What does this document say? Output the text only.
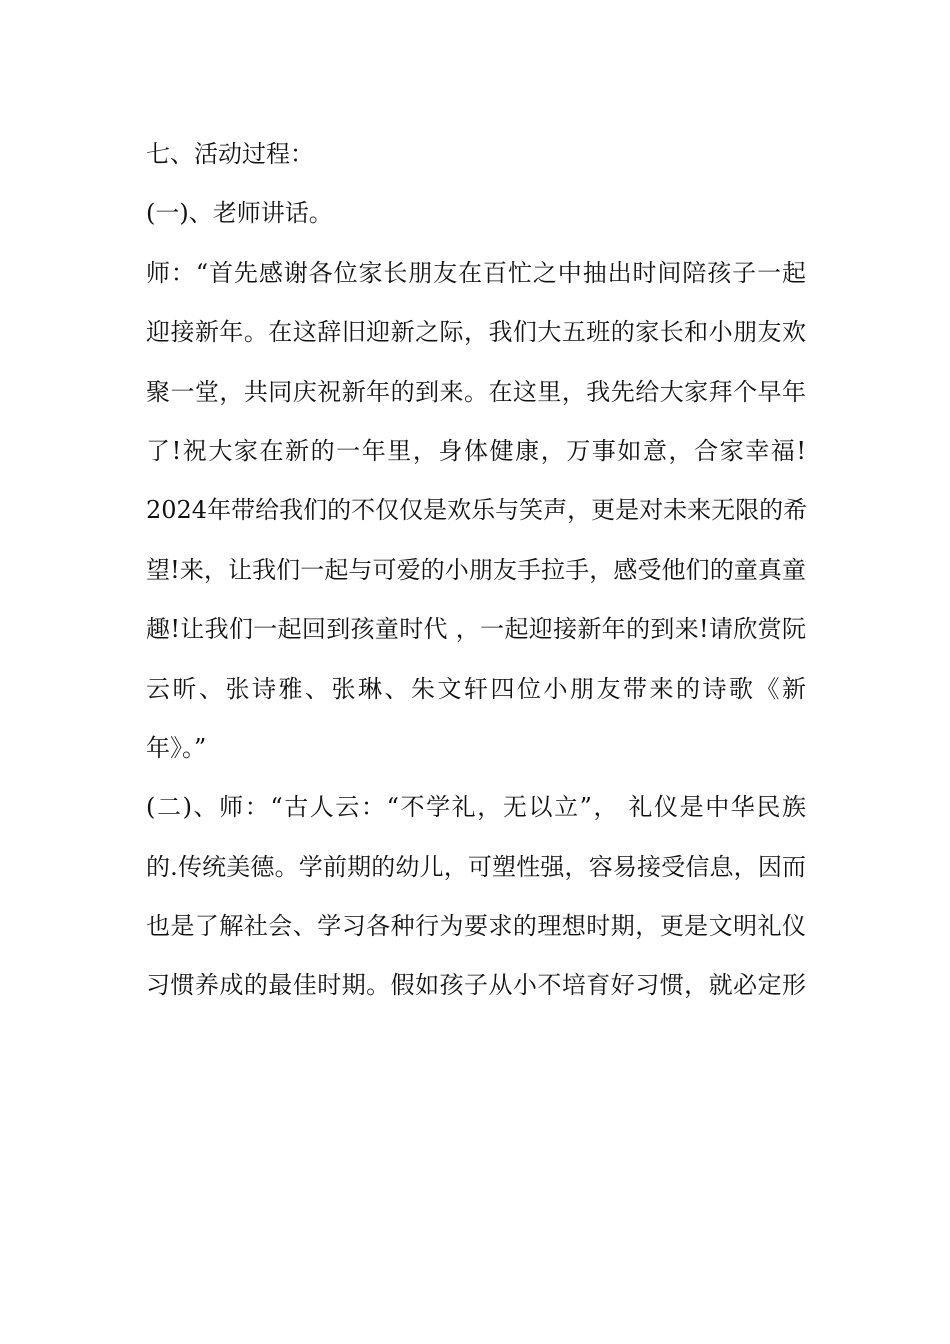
七、活动过程：
(一)、老师讲话。
师：“首先感谢各位家长朋友在百忙之中抽出时间陪孩子一起
迎接新年。在这辞旧迎新之际，我们大五班的家长和小朋友欢
聚一堂，共同庆祝新年的到来。在这里，我先给大家拜个早年
了!祝大家在新的一年里，身体健康，万事如意，合家幸福!
2024年带给我们的不仅仅是欢乐与笑声，更是对未来无限的希
望!来，让我们一起与可爱的小朋友手拉手，感受他们的童真童
趣!让我们一起回到孩童时代 ，一起迎接新年的到来!请欣赏阮
云昕、张诗雅、张琳、朱文轩四位小朋友带来的诗歌《新
年》。”
(二)、师：“古人云：“不学礼，无以立”， 礼仪是中华民族
的.传统美德。学前期的幼儿，可塑性强，容易接受信息，因而
也是了解社会、学习各种行为要求的理想时期，更是文明礼仪
习惯养成的最佳时期。假如孩子从小不培育好习惯，就必定形
